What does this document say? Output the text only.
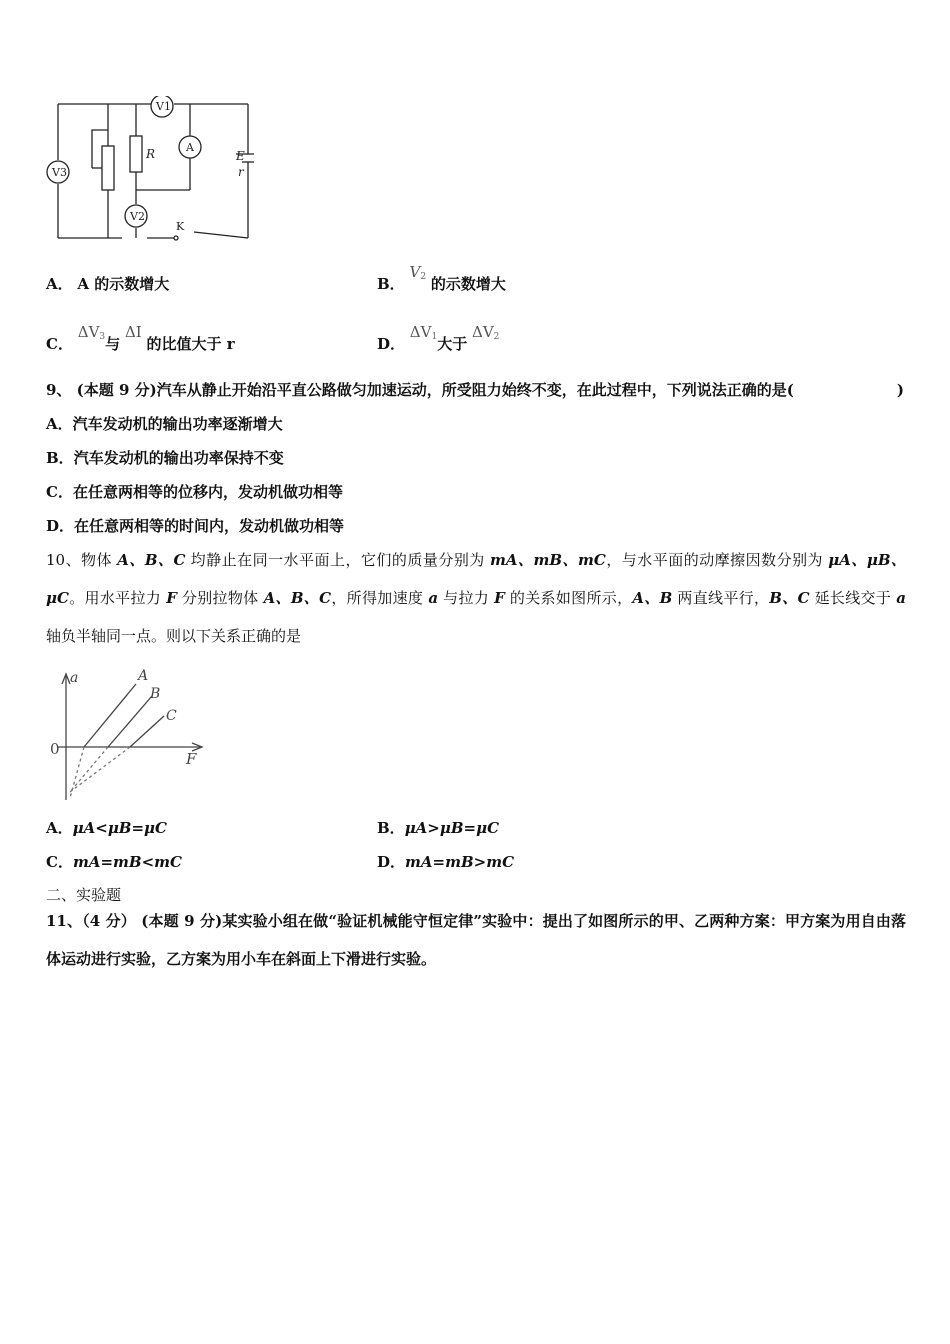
V1
V3
V2
A
R	E
r
K
A． A 的示数增大	B． V2 的示数增大
C． ΔV3与 ΔI 的比值大于 r	D． ΔV1大于 ΔV2
9、 (本题 9 分)汽车从静止开始沿平直公路做匀加速运动，所受阻力始终不变，在此过程中，下列说法正确的是(	)
A．汽车发动机的输出功率逐渐增大
B．汽车发动机的输出功率保持不变
C．在任意两相等的位移内，发动机做功相等
D．在任意两相等的时间内，发动机做功相等
10、物体 A、B、C 均静止在同一水平面上，它们的质量分别为 mA、mB、mC，与水平面的动摩擦因数分别为 μA、μB、μC。用水平拉力 F 分别拉物体 A、B、C，所得加速度 a 与拉力 F 的关系如图所示，A、B 两直线平行，B、C 延长线交于 a 轴负半轴同一点。则以下关系正确的是
a
F
0
A
B
C
A．μA<μB=μC	B．μA>μB=μC
C．mA=mB<mC	D．mA=mB>mC
二、实验题
11、（4 分） (本题 9 分)某实验小组在做“验证机械能守恒定律”实验中：提出了如图所示的甲、乙两种方案：甲方案为用自由落体运动进行实验，乙方案为用小车在斜面上下滑进行实验。
